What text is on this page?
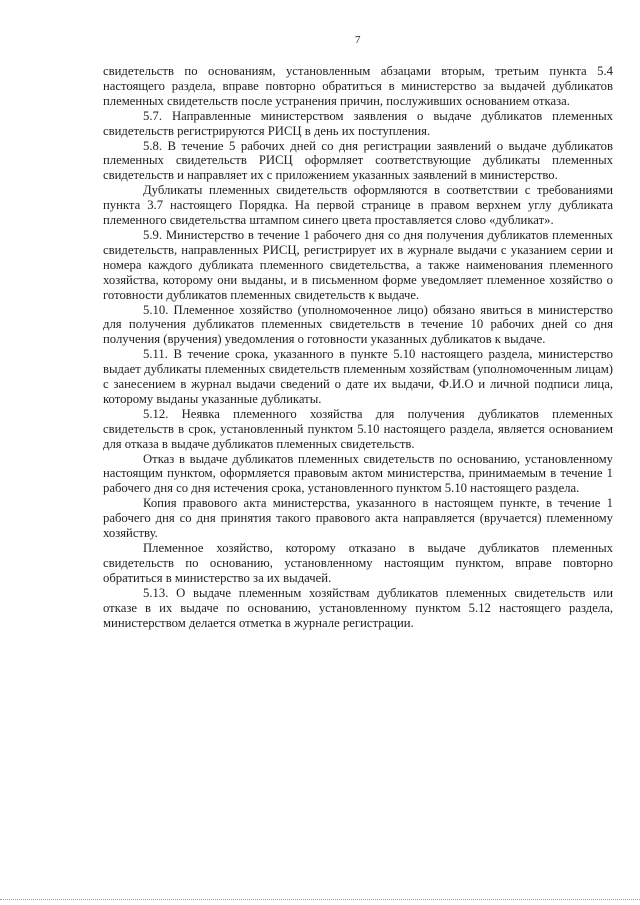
7

свидетельств по основаниям, установленным абзацами вторым, третьим пункта 5.4 настоящего раздела, вправе повторно обратиться в министерство за выдачей дубликатов племенных свидетельств после устранения причин, послуживших основанием отказа.

5.7. Направленные министерством заявления о выдаче дубликатов племенных свидетельств регистрируются РИСЦ в день их поступления.

5.8. В течение 5 рабочих дней со дня регистрации заявлений о выдаче дубликатов племенных свидетельств РИСЦ оформляет соответствующие дубликаты племенных свидетельств и направляет их с приложением указанных заявлений в министерство.

Дубликаты племенных свидетельств оформляются в соответствии с требованиями пункта 3.7 настоящего Порядка. На первой странице в правом верхнем углу дубликата племенного свидетельства штампом синего цвета проставляется слово «дубликат».

5.9. Министерство в течение 1 рабочего дня со дня получения дубликатов племенных свидетельств, направленных РИСЦ, регистрирует их в журнале выдачи с указанием серии и номера каждого дубликата племенного свидетельства, а также наименования племенного хозяйства, которому они выданы, и в письменном форме уведомляет племенное хозяйство о готовности дубликатов племенных свидетельств к выдаче.

5.10. Племенное хозяйство (уполномоченное лицо) обязано явиться в министерство для получения дубликатов племенных свидетельств в течение 10 рабочих дней со дня получения (вручения) уведомления о готовности указанных дубликатов к выдаче.

5.11. В течение срока, указанного в пункте 5.10 настоящего раздела, министерство выдает дубликаты племенных свидетельств племенным хозяйствам (уполномоченным лицам) с занесением в журнал выдачи сведений о дате их выдачи, Ф.И.О и личной подписи лица, которому выданы указанные дубликаты.

5.12. Неявка племенного хозяйства для получения дубликатов племенных свидетельств в срок, установленный пунктом 5.10 настоящего раздела, является основанием для отказа в выдаче дубликатов племенных свидетельств.

Отказ в выдаче дубликатов племенных свидетельств по основанию, установленному настоящим пунктом, оформляется правовым актом министерства, принимаемым в течение 1 рабочего дня со дня истечения срока, установленного пунктом 5.10 настоящего раздела.

Копия правового акта министерства, указанного в настоящем пункте, в течение 1 рабочего дня со дня принятия такого правового акта направляется (вручается) племенному хозяйству.

Племенное хозяйство, которому отказано в выдаче дубликатов племенных свидетельств по основанию, установленному настоящим пунктом, вправе повторно обратиться в министерство за их выдачей.

5.13. О выдаче племенным хозяйствам дубликатов племенных свидетельств или отказе в их выдаче по основанию, установленному пунктом 5.12 настоящего раздела, министерством делается отметка в журнале регистрации.
